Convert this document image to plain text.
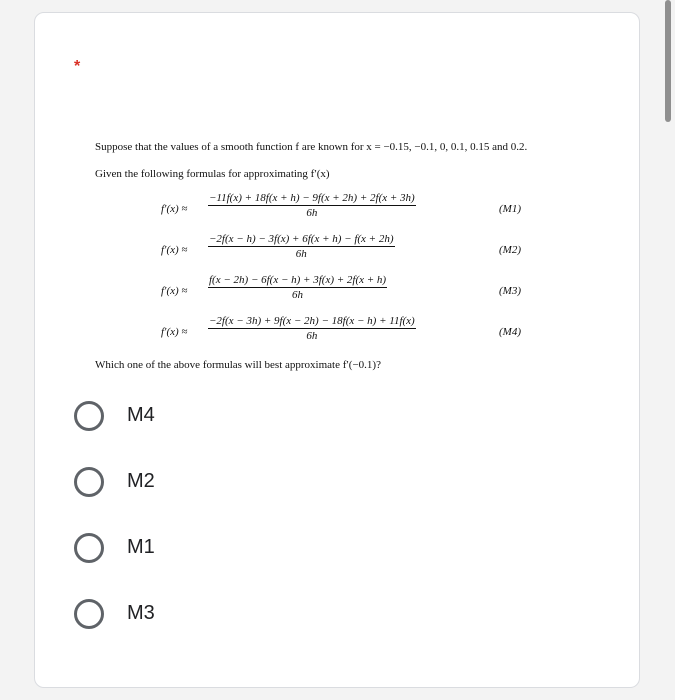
*
Suppose that the values of a smooth function f are known for x = −0.15, −0.1, 0, 0.1, 0.15 and 0.2.
Given the following formulas for approximating f′(x)
$f'(x) \approx \frac{-11f(x) + 18f(x + h) - 9f(x + 2h) + 2f(x + 3h)}{6h}$	(M1)
$f'(x) \approx \frac{-2f(x - h) - 3f(x) + 6f(x + h) - f(x + 2h)}{6h}$	(M2)
$f'(x) \approx \frac{f(x - 2h) - 6f(x - h) + 3f(x) + 2f(x + h)}{6h}$	(M3)
$f'(x) \approx \frac{-2f(x - 3h) + 9f(x - 2h) - 18f(x - h) + 11f(x)}{6h}$	(M4)
Which one of the above formulas will best approximate f′(−0.1)?
M4
M2
M1
M3
